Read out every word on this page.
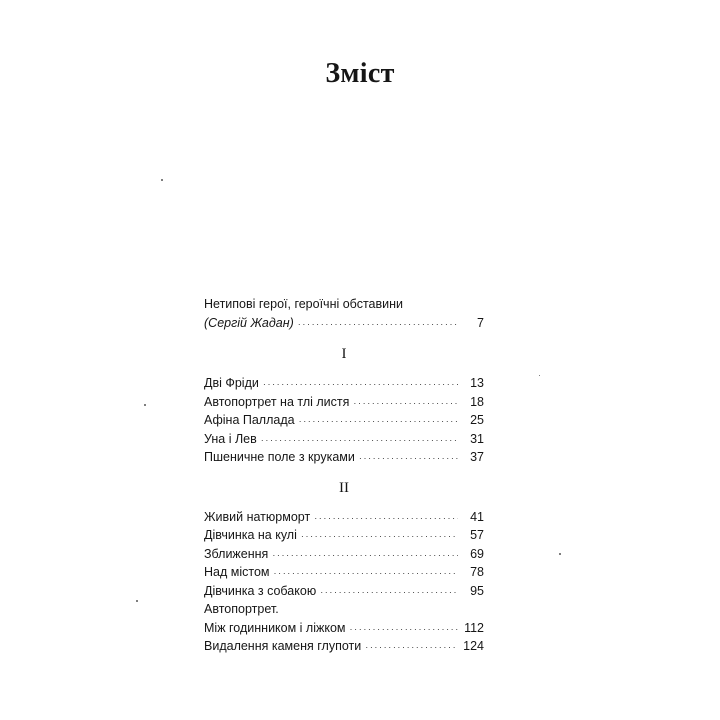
Зміст
Нетипові герої, героїчні обставини
(Сергій Жадан) ·····	7
I
Дві Фріди ·····	13
Автопортрет на тлі листя ·····	18
Афіна Паллада ·····	25
Уна і Лев ·····	31
Пшеничне поле з круками ·····	37
II
Живий натюрморт ·····	41
Дівчинка на кулі ·····	57
Зближення ·····	69
Над містом ·····	78
Дівчинка з собакою ·····	95
Автопортрет.
Між годинником і ліжком ·····	112
Видалення каменя глупоти ·····	124
